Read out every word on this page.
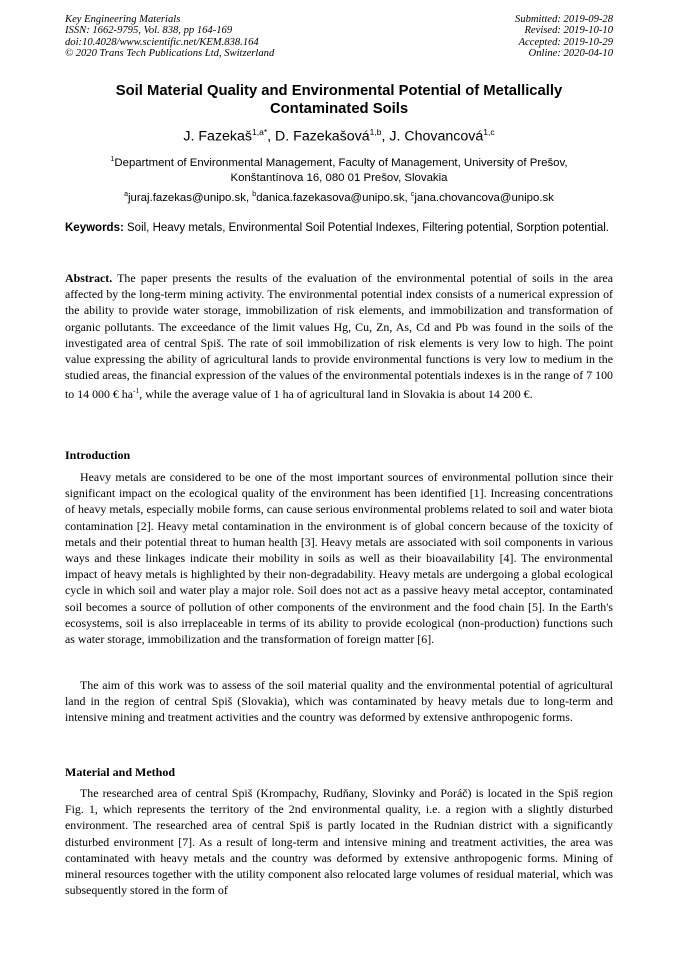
Key Engineering Materials
ISSN: 1662-9795, Vol. 838, pp 164-169
doi:10.4028/www.scientific.net/KEM.838.164
© 2020 Trans Tech Publications Ltd, Switzerland
Submitted: 2019-09-28
Revised: 2019-10-10
Accepted: 2019-10-29
Online: 2020-04-10
Soil Material Quality and Environmental Potential of Metallically Contaminated Soils
J. Fazekaš$^{1,a*}$, D. Fazekašová$^{1,b}$, J. Chovancová$^{1,c}$
$^1$Department of Environmental Management, Faculty of Management, University of Prešov,
Konštantínova 16, 080 01 Prešov, Slovakia
$^a$juraj.fazekas@unipo.sk, $^b$danica.fazekasova@unipo.sk, $^c$jana.chovancova@unipo.sk
Keywords: Soil, Heavy metals, Environmental Soil Potential Indexes, Filtering potential, Sorption potential.
Abstract. The paper presents the results of the evaluation of the environmental potential of soils in the area affected by the long-term mining activity. The environmental potential index consists of a numerical expression of the ability to provide water storage, immobilization of risk elements, and immobilization and transformation of organic pollutants. The exceedance of the limit values Hg, Cu, Zn, As, Cd and Pb was found in the soils of the investigated area of central Spiš. The rate of soil immobilization of risk elements is very low to high. The point value expressing the ability of agricultural lands to provide environmental functions is very low to medium in the studied areas, the financial expression of the values of the environmental potentials indexes is in the range of 7 100 to 14 000 € $ha^{-1}$, while the average value of 1 ha of agricultural land in Slovakia is about 14 200 €.
Introduction
Heavy metals are considered to be one of the most important sources of environmental pollution since their significant impact on the ecological quality of the environment has been identified [1]. Increasing concentrations of heavy metals, especially mobile forms, can cause serious environmental problems related to soil and water biota contamination [2]. Heavy metal contamination in the environment is of global concern because of the toxicity of metals and their potential threat to human health [3]. Heavy metals are associated with soil components in various ways and these linkages indicate their mobility in soils as well as their bioavailability [4]. The environmental impact of heavy metals is highlighted by their non-degradability. Heavy metals are undergoing a global ecological cycle in which soil and water play a major role. Soil does not act as a passive heavy metal acceptor, contaminated soil becomes a source of pollution of other components of the environment and the food chain [5]. In the Earth's ecosystems, soil is also irreplaceable in terms of its ability to provide ecological (non-production) functions such as water storage, immobilization and the transformation of foreign matter [6].
The aim of this work was to assess of the soil material quality and the environmental potential of agricultural land in the region of central Spiš (Slovakia), which was contaminated by heavy metals due to long-term and intensive mining and treatment activities and the country was deformed by extensive anthropogenic forms.
Material and Method
The researched area of central Spiš (Krompachy, Rudňany, Slovinky and Poráč) is located in the Spiš region Fig. 1, which represents the territory of the 2nd environmental quality, i.e. a region with a slightly disturbed environment. The researched area of central Spiš is partly located in the Rudnian district with a significantly disturbed environment [7]. As a result of long-term and intensive mining and treatment activities, the area was contaminated with heavy metals and the country was deformed by extensive anthropogenic forms. Mining of mineral resources together with the utility component also relocated large volumes of residual material, which was subsequently stored in the form of
